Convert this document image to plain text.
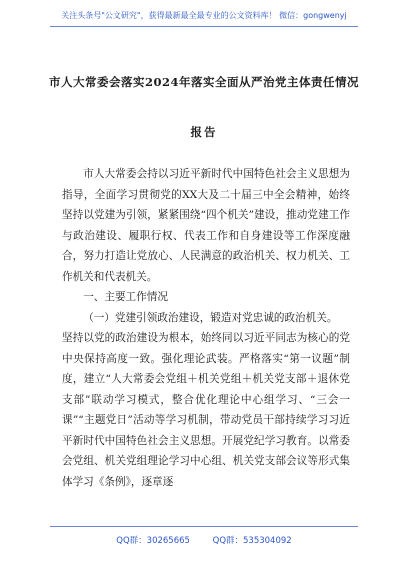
关注头条号"公文研究"，获得最新最全最专业的公文资料库！ 微信：gongwenyj
市人大常委会落实2024年落实全面从严治党主体责任情况
报告

市人大常委会持以习近平新时代中国特色社会主义思想为指导，全面学习贯彻党的XX大及二十届三中全会精神，始终坚持以党建为引领，紧紧围绕“四个机关”建设，推动党建工作与政治建设、履职行权、代表工作和自身建设等工作深度融合，努力打造让党放心、人民满意的政治机关、权力机关、工作机关和代表机关。

一、主要工作情况

（一）党建引领政治建设，锻造对党忠诚的政治机关。

坚持以党的政治建设为根本，始终同以习近平同志为核心的党中央保持高度一致。强化理论武装。严格落实“第一议题”制度，建立“人大常委会党组＋机关党组＋机关党支部＋退休党支部”联动学习模式，整合优化理论中心组学习、“三会一课”“主题党日”活动等学习机制，带动党员干部持续学习习近平新时代中国特色社会主义思想。开展党纪学习教育。以常委会党组、机关党组理论学习中心组、机关党支部会议等形式集体学习《条例》，逐章逐

QQ群：30265665	QQ群：535304092
